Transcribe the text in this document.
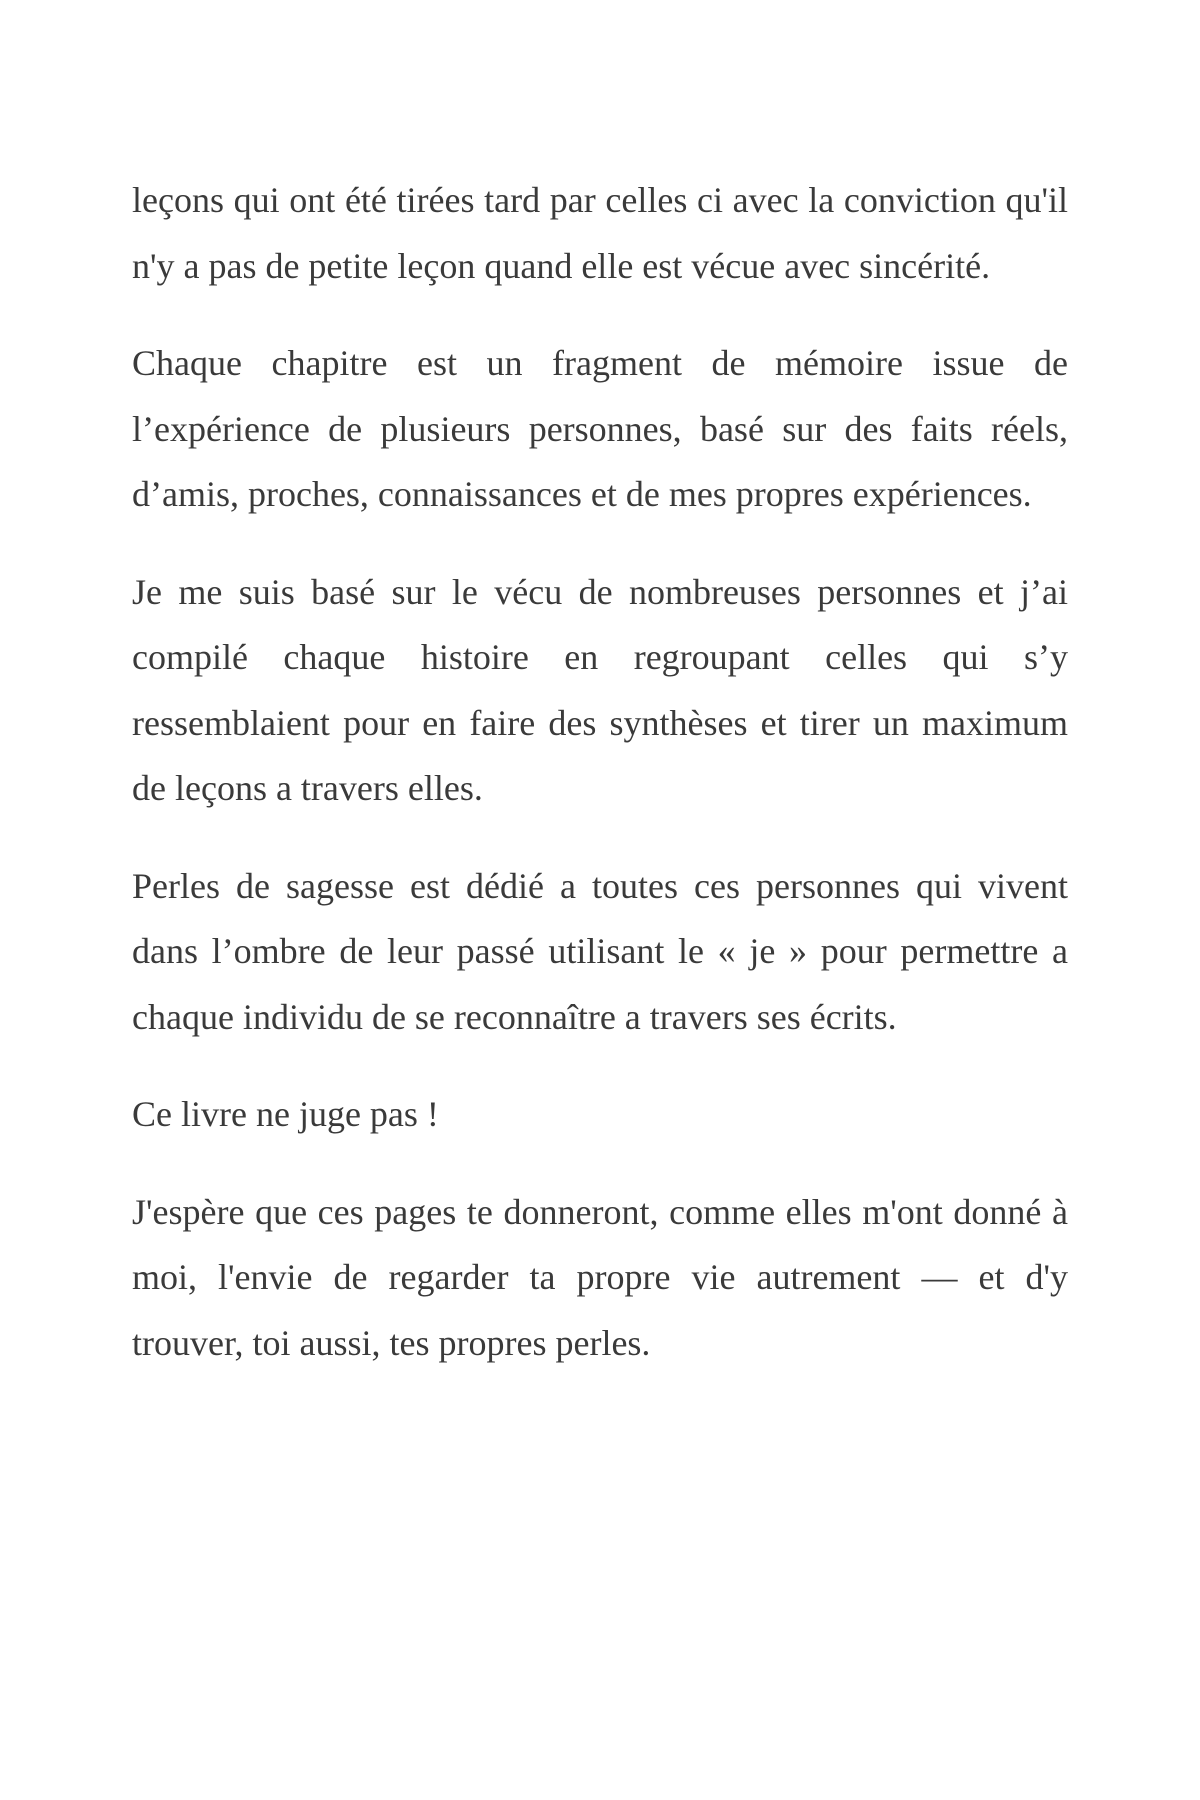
leçons qui ont été tirées tard par celles ci avec la conviction qu'il n'y a pas de petite leçon quand elle est vécue avec sincérité.

Chaque chapitre est un fragment de mémoire issue de l’expérience de plusieurs personnes, basé sur des faits réels, d’amis, proches, connaissances et de mes propres expériences.

Je me suis basé sur le vécu de nombreuses personnes et j’ai compilé chaque histoire en regroupant celles qui s’y ressemblaient pour en faire des synthèses et tirer un maximum de leçons a travers elles.

Perles de sagesse est dédié a toutes ces personnes qui vivent dans l’ombre de leur passé utilisant le « je » pour permettre a chaque individu de se reconnaître a travers ses écrits.

Ce livre ne juge pas !

J'espère que ces pages te donneront, comme elles m'ont donné à moi, l'envie de regarder ta propre vie autrement — et d'y trouver, toi aussi, tes propres perles.
